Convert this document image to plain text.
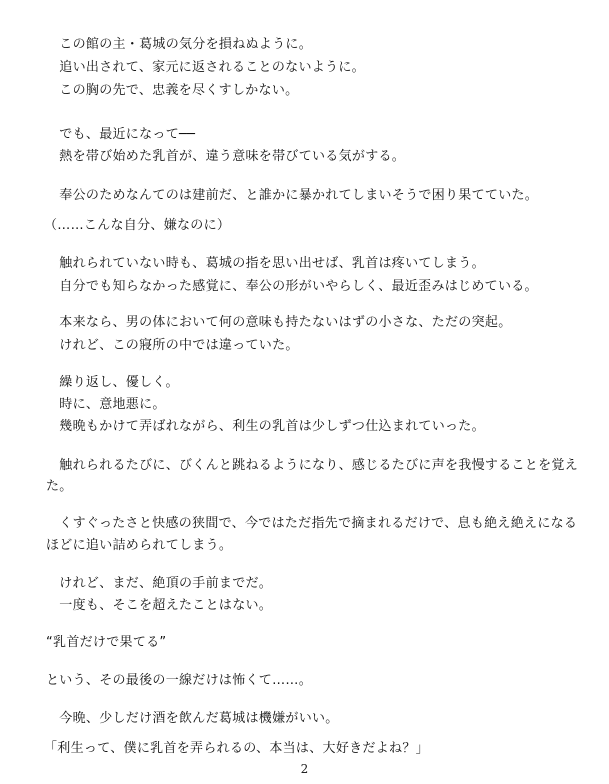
　この館の主・葛城の気分を損ねぬように。
　追い出されて、家元に返されることのないように。
　この胸の先で、忠義を尽くすしかない。
　でも、最近になって──
　熱を帯び始めた乳首が、違う意味を帯びている気がする。
　奉公のためなんてのは建前だ、と誰かに暴かれてしまいそうで困り果てていた。
（……こんな自分、嫌なのに）
　触れられていない時も、葛城の指を思い出せば、乳首は疼いてしまう。
　自分でも知らなかった感覚に、奉公の形がいやらしく、最近歪みはじめている。
　本来なら、男の体において何の意味も持たないはずの小さな、ただの突起。
　けれど、この寢所の中では違っていた。
　繰り返し、優しく。
　時に、意地悪に。
　幾晩もかけて弄ばれながら、利生の乳首は少しずつ仕込まれていった。
　触れられるたびに、びくんと跳ねるようになり、感じるたびに声を我慢することを覚え
た。
　くすぐったさと快感の狭間で、今ではただ指先で摘まれるだけで、息も絶え絶えになる
ほどに追い詰められてしまう。
　けれど、まだ、絶頂の手前までだ。
　一度も、そこを超えたことはない。
“乳首だけで果てる”
という、その最後の一線だけは怖くて……。
　今晩、少しだけ酒を飲んだ葛城は機嫌がいい。
「利生って、僕に乳首を弄られるの、本当は、大好きだよね？」
2
